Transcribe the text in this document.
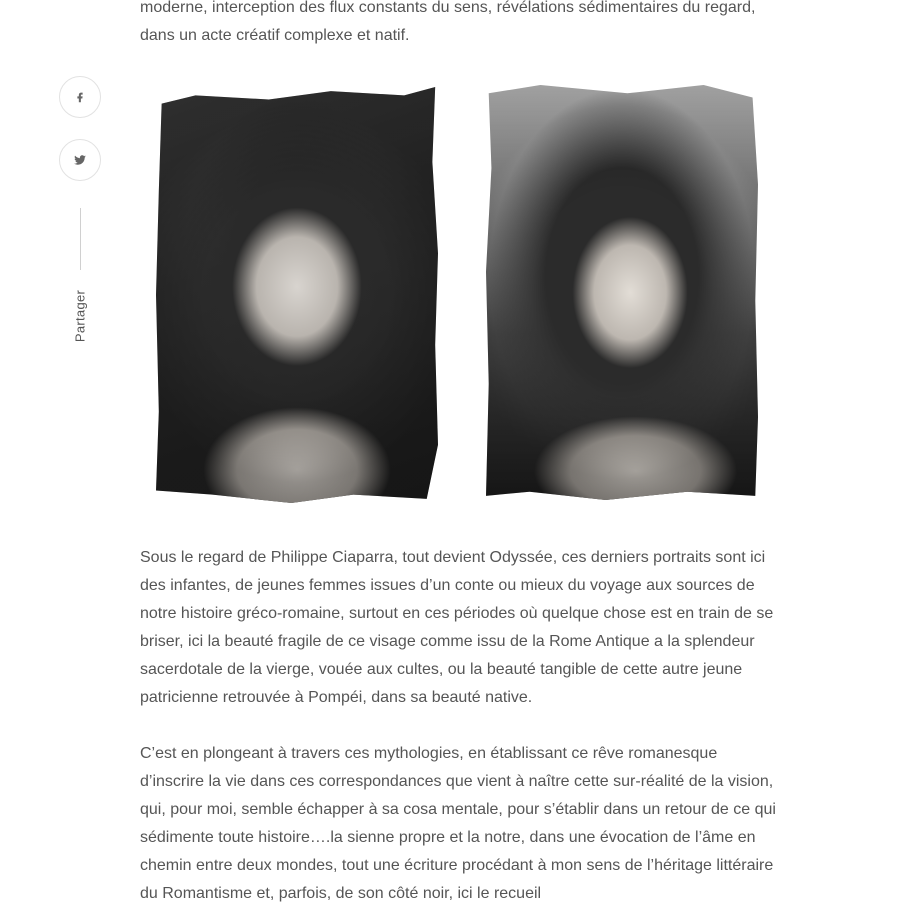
Partager

moderne, interception des flux constants du sens, révélations sédimentaires du regard, dans un acte créatif complexe et natif.

Sous le regard de Philippe Ciaparra, tout devient Odyssée, ces derniers portraits sont ici des infantes, de jeunes femmes issues d’un conte ou mieux du voyage aux sources de notre histoire gréco-romaine, surtout en ces périodes où quelque chose est en train de se briser, ici la beauté fragile de ce visage comme issu de la Rome Antique a la splendeur sacerdotale de la vierge, vouée aux cultes, ou la beauté tangible de cette autre jeune patricienne retrouvée à Pompéi, dans sa beauté native.

C’est en plongeant à travers ces mythologies, en établissant ce rêve romanesque d’inscrire la vie dans ces correspondances que vient à naître cette sur-réalité de la vision, qui, pour moi, semble échapper à sa cosa mentale, pour s’établir dans un retour de ce qui sédimente toute histoire….la sienne propre et la notre, dans une évocation de l’âme en chemin entre deux mondes, tout une écriture procédant à mon sens de l’héritage littéraire du Romantisme et, parfois, de son côté noir, ici le recueil
